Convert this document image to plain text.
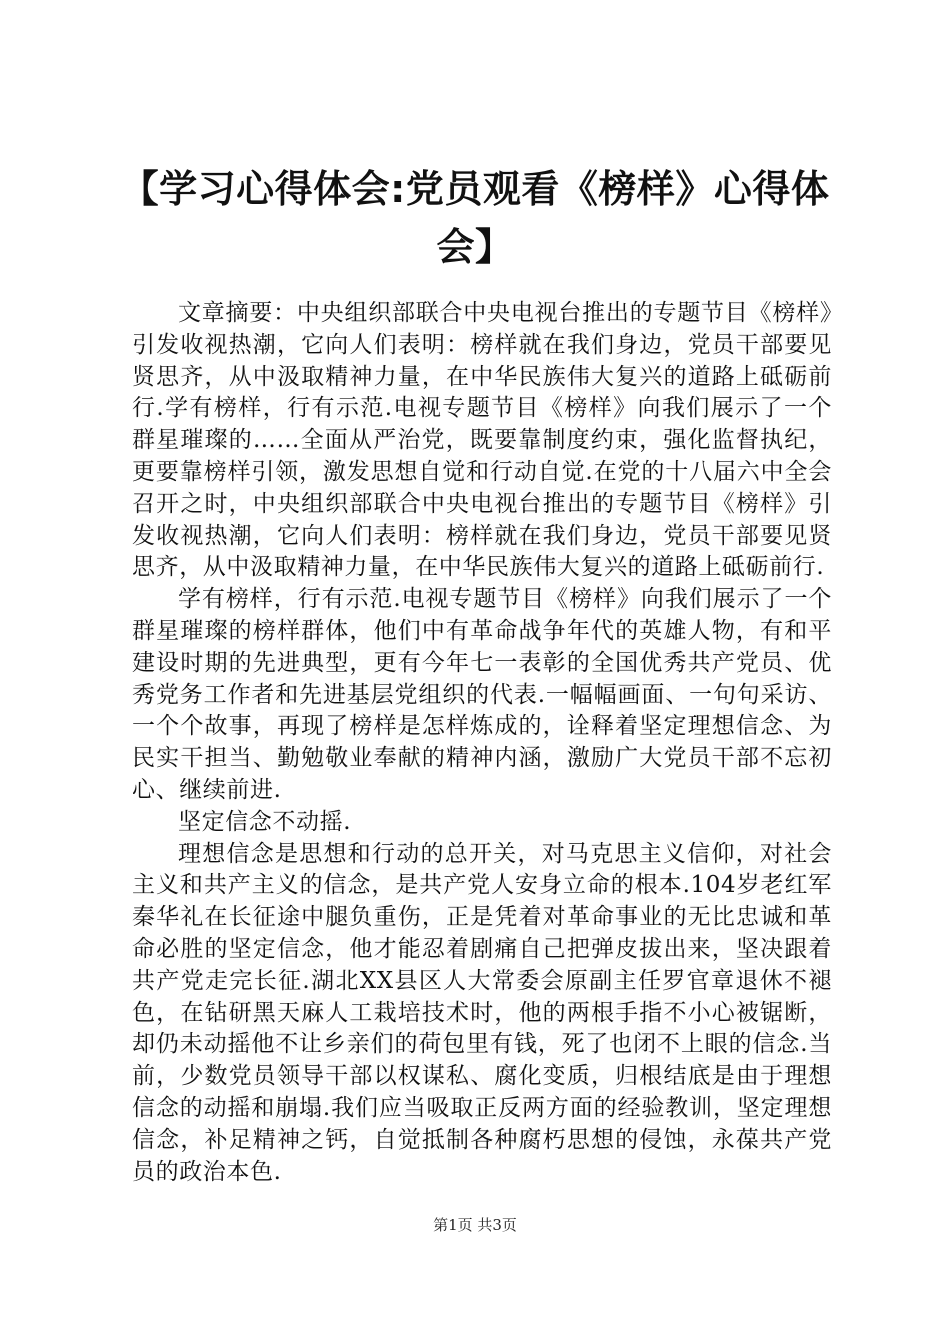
【学习心得体会:党员观看《榜样》心得体会】

文章摘要：中央组织部联合中央电视台推出的专题节目《榜样》引发收视热潮，它向人们表明：榜样就在我们身边，党员干部要见贤思齐，从中汲取精神力量，在中华民族伟大复兴的道路上砥砺前行.学有榜样，行有示范.电视专题节目《榜样》向我们展示了一个群星璀璨的……全面从严治党，既要靠制度约束，强化监督执纪，更要靠榜样引领，激发思想自觉和行动自觉.在党的十八届六中全会召开之时，中央组织部联合中央电视台推出的专题节目《榜样》引发收视热潮，它向人们表明：榜样就在我们身边，党员干部要见贤思齐，从中汲取精神力量，在中华民族伟大复兴的道路上砥砺前行.

学有榜样，行有示范.电视专题节目《榜样》向我们展示了一个群星璀璨的榜样群体，他们中有革命战争年代的英雄人物，有和平建设时期的先进典型，更有今年七一表彰的全国优秀共产党员、优秀党务工作者和先进基层党组织的代表.一幅幅画面、一句句采访、一个个故事，再现了榜样是怎样炼成的，诠释着坚定理想信念、为民实干担当、勤勉敬业奉献的精神内涵，激励广大党员干部不忘初心、继续前进.

坚定信念不动摇.

理想信念是思想和行动的总开关，对马克思主义信仰，对社会主义和共产主义的信念，是共产党人安身立命的根本.104岁老红军秦华礼在长征途中腿负重伤，正是凭着对革命事业的无比忠诚和革命必胜的坚定信念，他才能忍着剧痛自己把弹皮拔出来，坚决跟着共产党走完长征.湖北XX县区人大常委会原副主任罗官章退休不褪色，在钻研黑天麻人工栽培技术时，他的两根手指不小心被锯断，却仍未动摇他不让乡亲们的荷包里有钱，死了也闭不上眼的信念.当前，少数党员领导干部以权谋私、腐化变质，归根结底是由于理想信念的动摇和崩塌.我们应当吸取正反两方面的经验教训，坚定理想信念，补足精神之钙，自觉抵制各种腐朽思想的侵蚀，永葆共产党员的政治本色.

第1页 共3页
